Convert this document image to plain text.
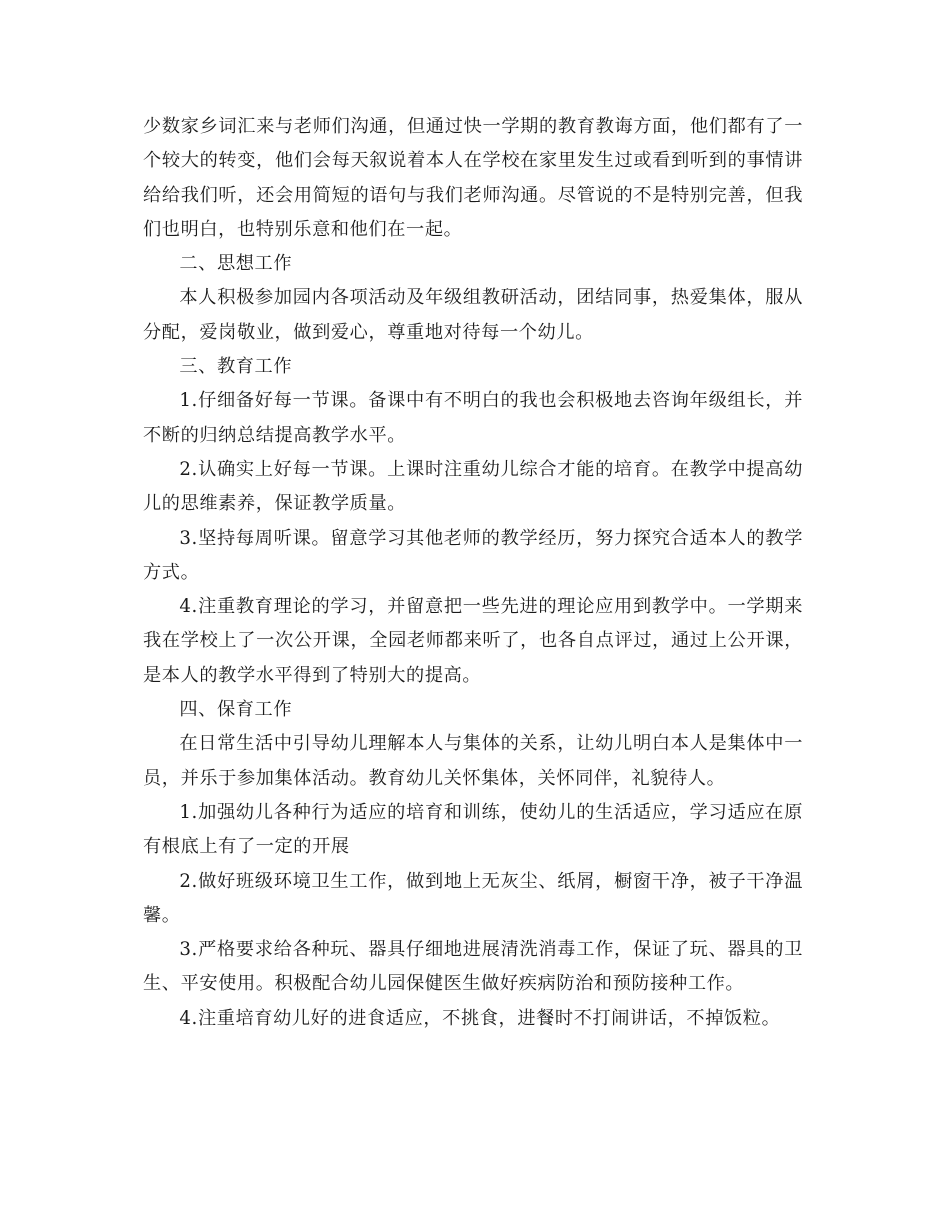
少数家乡词汇来与老师们沟通，但通过快一学期的教育教诲方面，他们都有了一个较大的转变，他们会每天叙说着本人在学校在家里发生过或看到听到的事情讲给给我们听，还会用简短的语句与我们老师沟通。尽管说的不是特别完善，但我们也明白，也特别乐意和他们在一起。

二、思想工作

本人积极参加园内各项活动及年级组教研活动，团结同事，热爱集体，服从分配，爱岗敬业，做到爱心，尊重地对待每一个幼儿。

三、教育工作

1.仔细备好每一节课。备课中有不明白的我也会积极地去咨询年级组长，并不断的归纳总结提高教学水平。

2.认确实上好每一节课。上课时注重幼儿综合才能的培育。在教学中提高幼儿的思维素养，保证教学质量。

3.坚持每周听课。留意学习其他老师的教学经历，努力探究合适本人的教学方式。

4.注重教育理论的学习，并留意把一些先进的理论应用到教学中。一学期来我在学校上了一次公开课，全园老师都来听了，也各自点评过，通过上公开课，是本人的教学水平得到了特别大的提高。

四、保育工作

在日常生活中引导幼儿理解本人与集体的关系，让幼儿明白本人是集体中一员，并乐于参加集体活动。教育幼儿关怀集体，关怀同伴，礼貌待人。

1.加强幼儿各种行为适应的培育和训练，使幼儿的生活适应，学习适应在原有根底上有了一定的开展

2.做好班级环境卫生工作，做到地上无灰尘、纸屑，橱窗干净，被子干净温馨。

3.严格要求给各种玩、器具仔细地进展清洗消毒工作，保证了玩、器具的卫生、平安使用。积极配合幼儿园保健医生做好疾病防治和预防接种工作。

4.注重培育幼儿好的进食适应，不挑食，进餐时不打闹讲话，不掉饭粒。
